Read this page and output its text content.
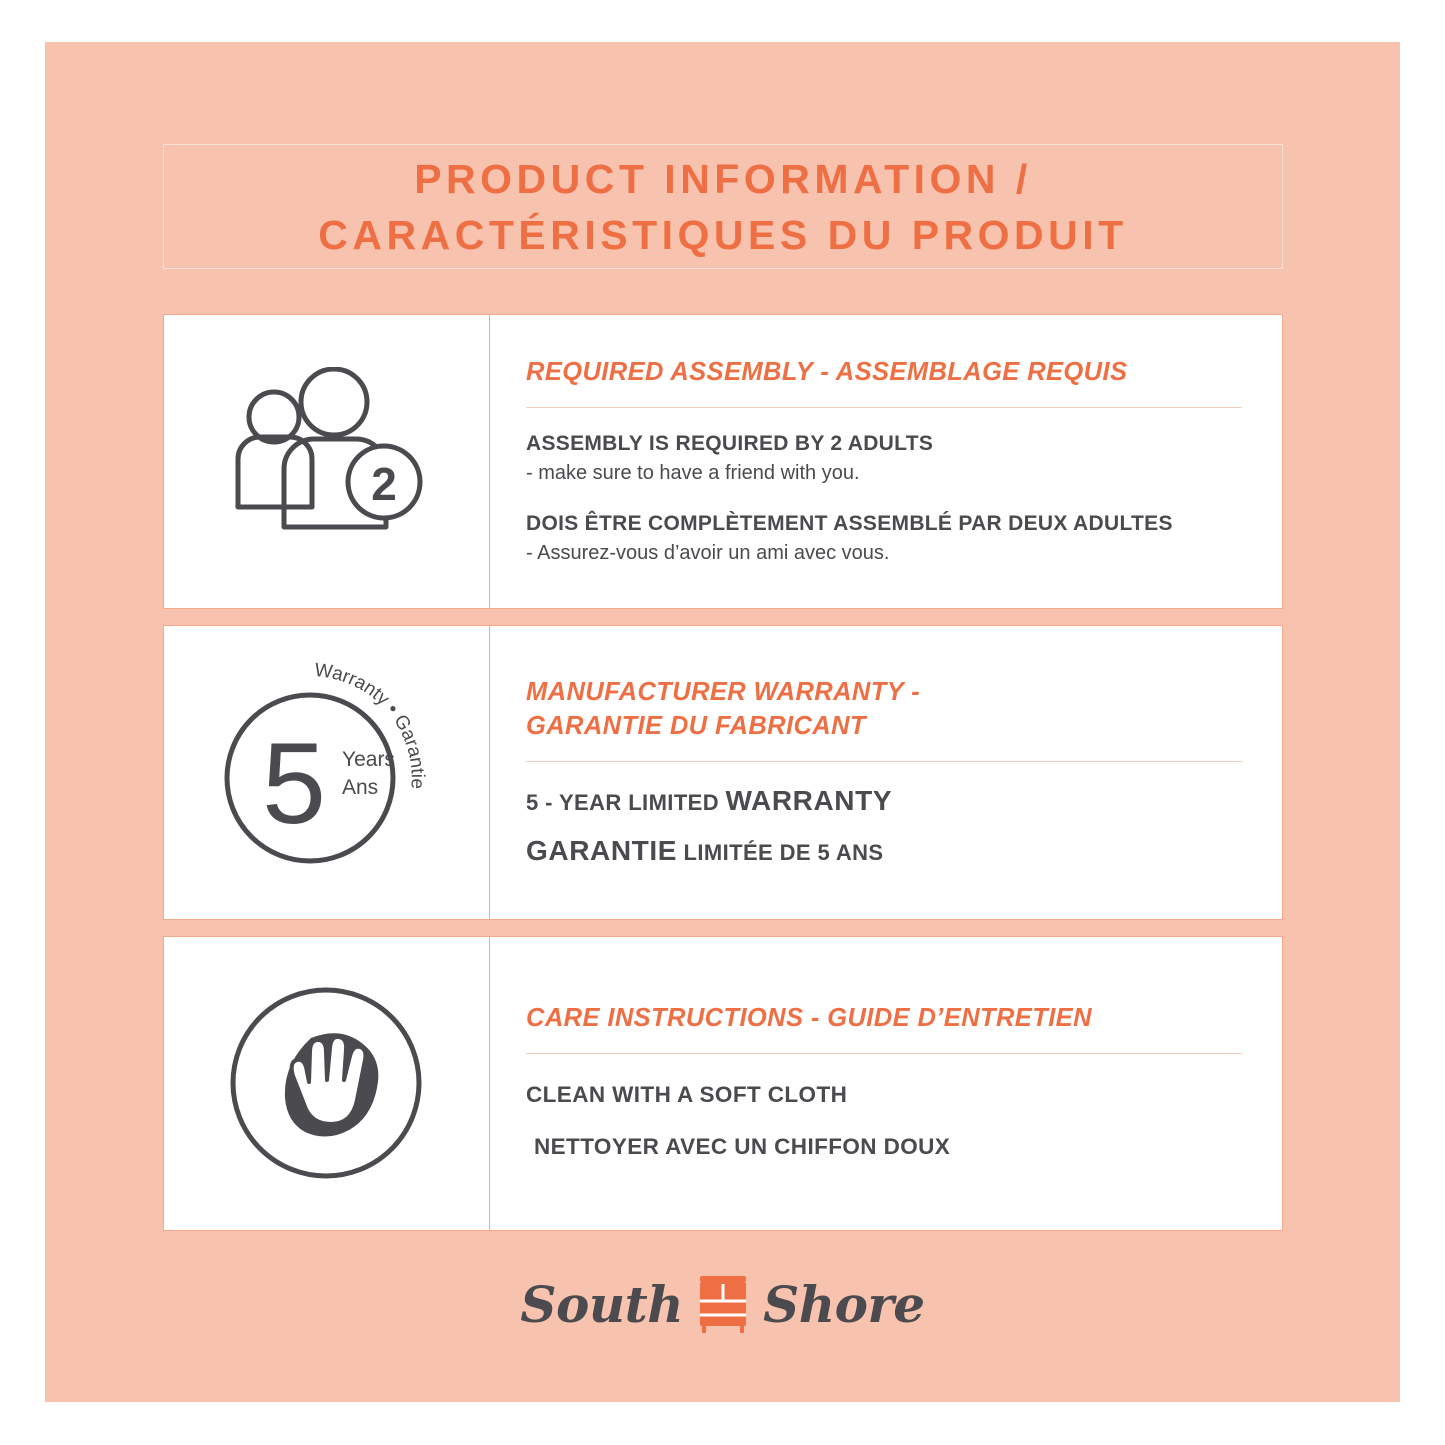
PRODUCT INFORMATION /
CARACTÉRISTIQUES DU PRODUIT
2
REQUIRED ASSEMBLY - ASSEMBLAGE REQUIS
ASSEMBLY IS REQUIRED BY 2 ADULTS
- make sure to have a friend with you.
DOIS ÊTRE COMPLÈTEMENT ASSEMBLÉ PAR DEUX ADULTES
- Assurez-vous d’avoir un ami avec vous.
5 Years
Ans
Warranty • Garantie
MANUFACTURER WARRANTY -
GARANTIE DU FABRICANT
5 - YEAR LIMITED WARRANTY
GARANTIE LIMITÉE DE 5 ANS
CARE INSTRUCTIONS - GUIDE D’ENTRETIEN
CLEAN WITH A SOFT CLOTH
NETTOYER AVEC UN CHIFFON DOUX
South Shore
